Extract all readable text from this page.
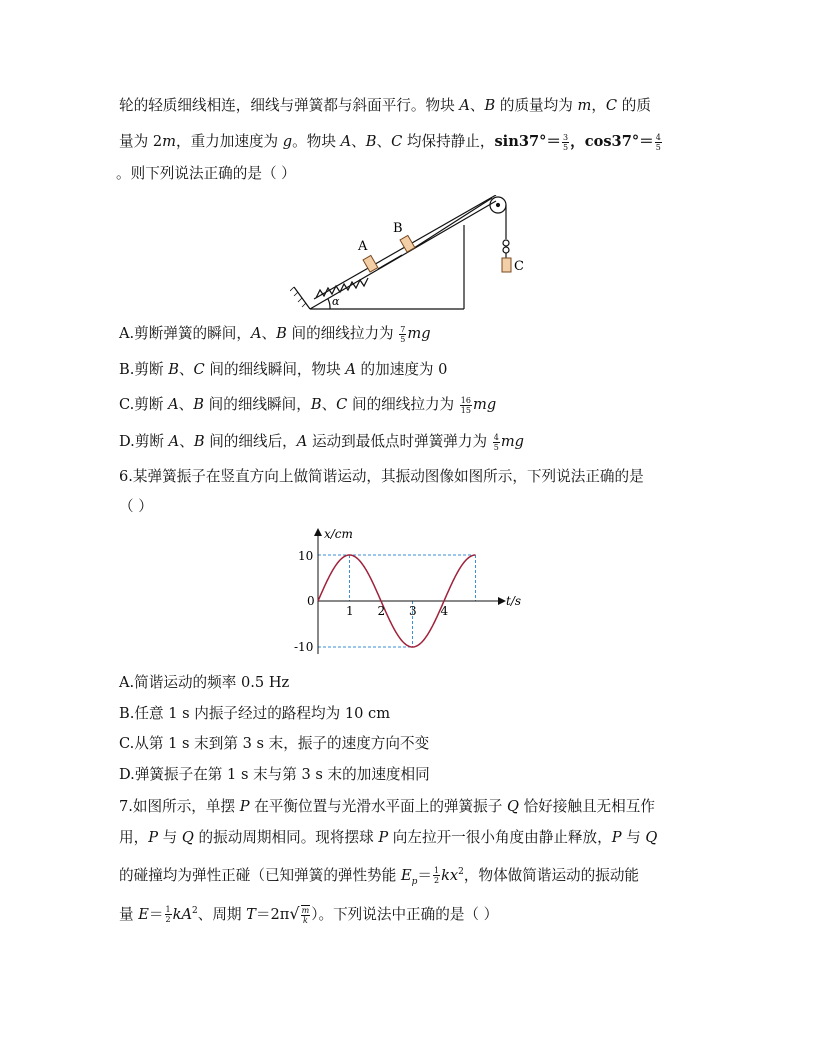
轮的轻质细线相连，细线与弹簧都与斜面平行。物块 A、B 的质量均为 m，C 的质
量为 2m，重力加速度为 g。物块 A、B、C 均保持静止，$\sin 37^\circ= \frac{3}{5}$ ，$\cos 37^\circ= \frac{4}{5}$
。则下列说法正确的是（ ）
A
B
C
α
A.剪断弹簧的瞬间，A、B 间的细线拉力为 $\frac{7}{5}$ mg
B.剪断 B、C 间的细线瞬间，物块 A 的加速度为 0
C.剪断 A、B 间的细线瞬间，B、C 间的细线拉力为 $\frac{16}{15}$ mg
D.剪断 A、B 间的细线后，A 运动到最低点时弹簧弹力为 $\frac{4}{5}$ mg
6.某弹簧振子在竖直方向上做简谐运动，其振动图像如图所示，下列说法正确的是
（ ）
x/cm
t/s
0
10
-10
1 2 3 4
A.简谐运动的频率 0.5 Hz
B.任意 1 s 内振子经过的路程均为 10 cm
C.从第 1 s 末到第 3 s 末，振子的速度方向不变
D.弹簧振子在第 1 s 末与第 3 s 末的加速度相同
7.如图所示，单摆 P 在平衡位置与光滑水平面上的弹簧振子 Q 恰好接触且无相互作
用，P 与 Q 的振动周期相同。现将摆球 P 向左拉开一很小角度由静止释放，P 与 Q
的碰撞均为弹性正碰（已知弹簧的弹性势能 $E_p= \frac{1}{2} kx^2$，物体做简谐运动的振动能
量 $E= \frac{1}{2} kA^2$、周期 $T=2\pi√ \frac{m}{k}$ ）。下列说法中正确的是（ ）
